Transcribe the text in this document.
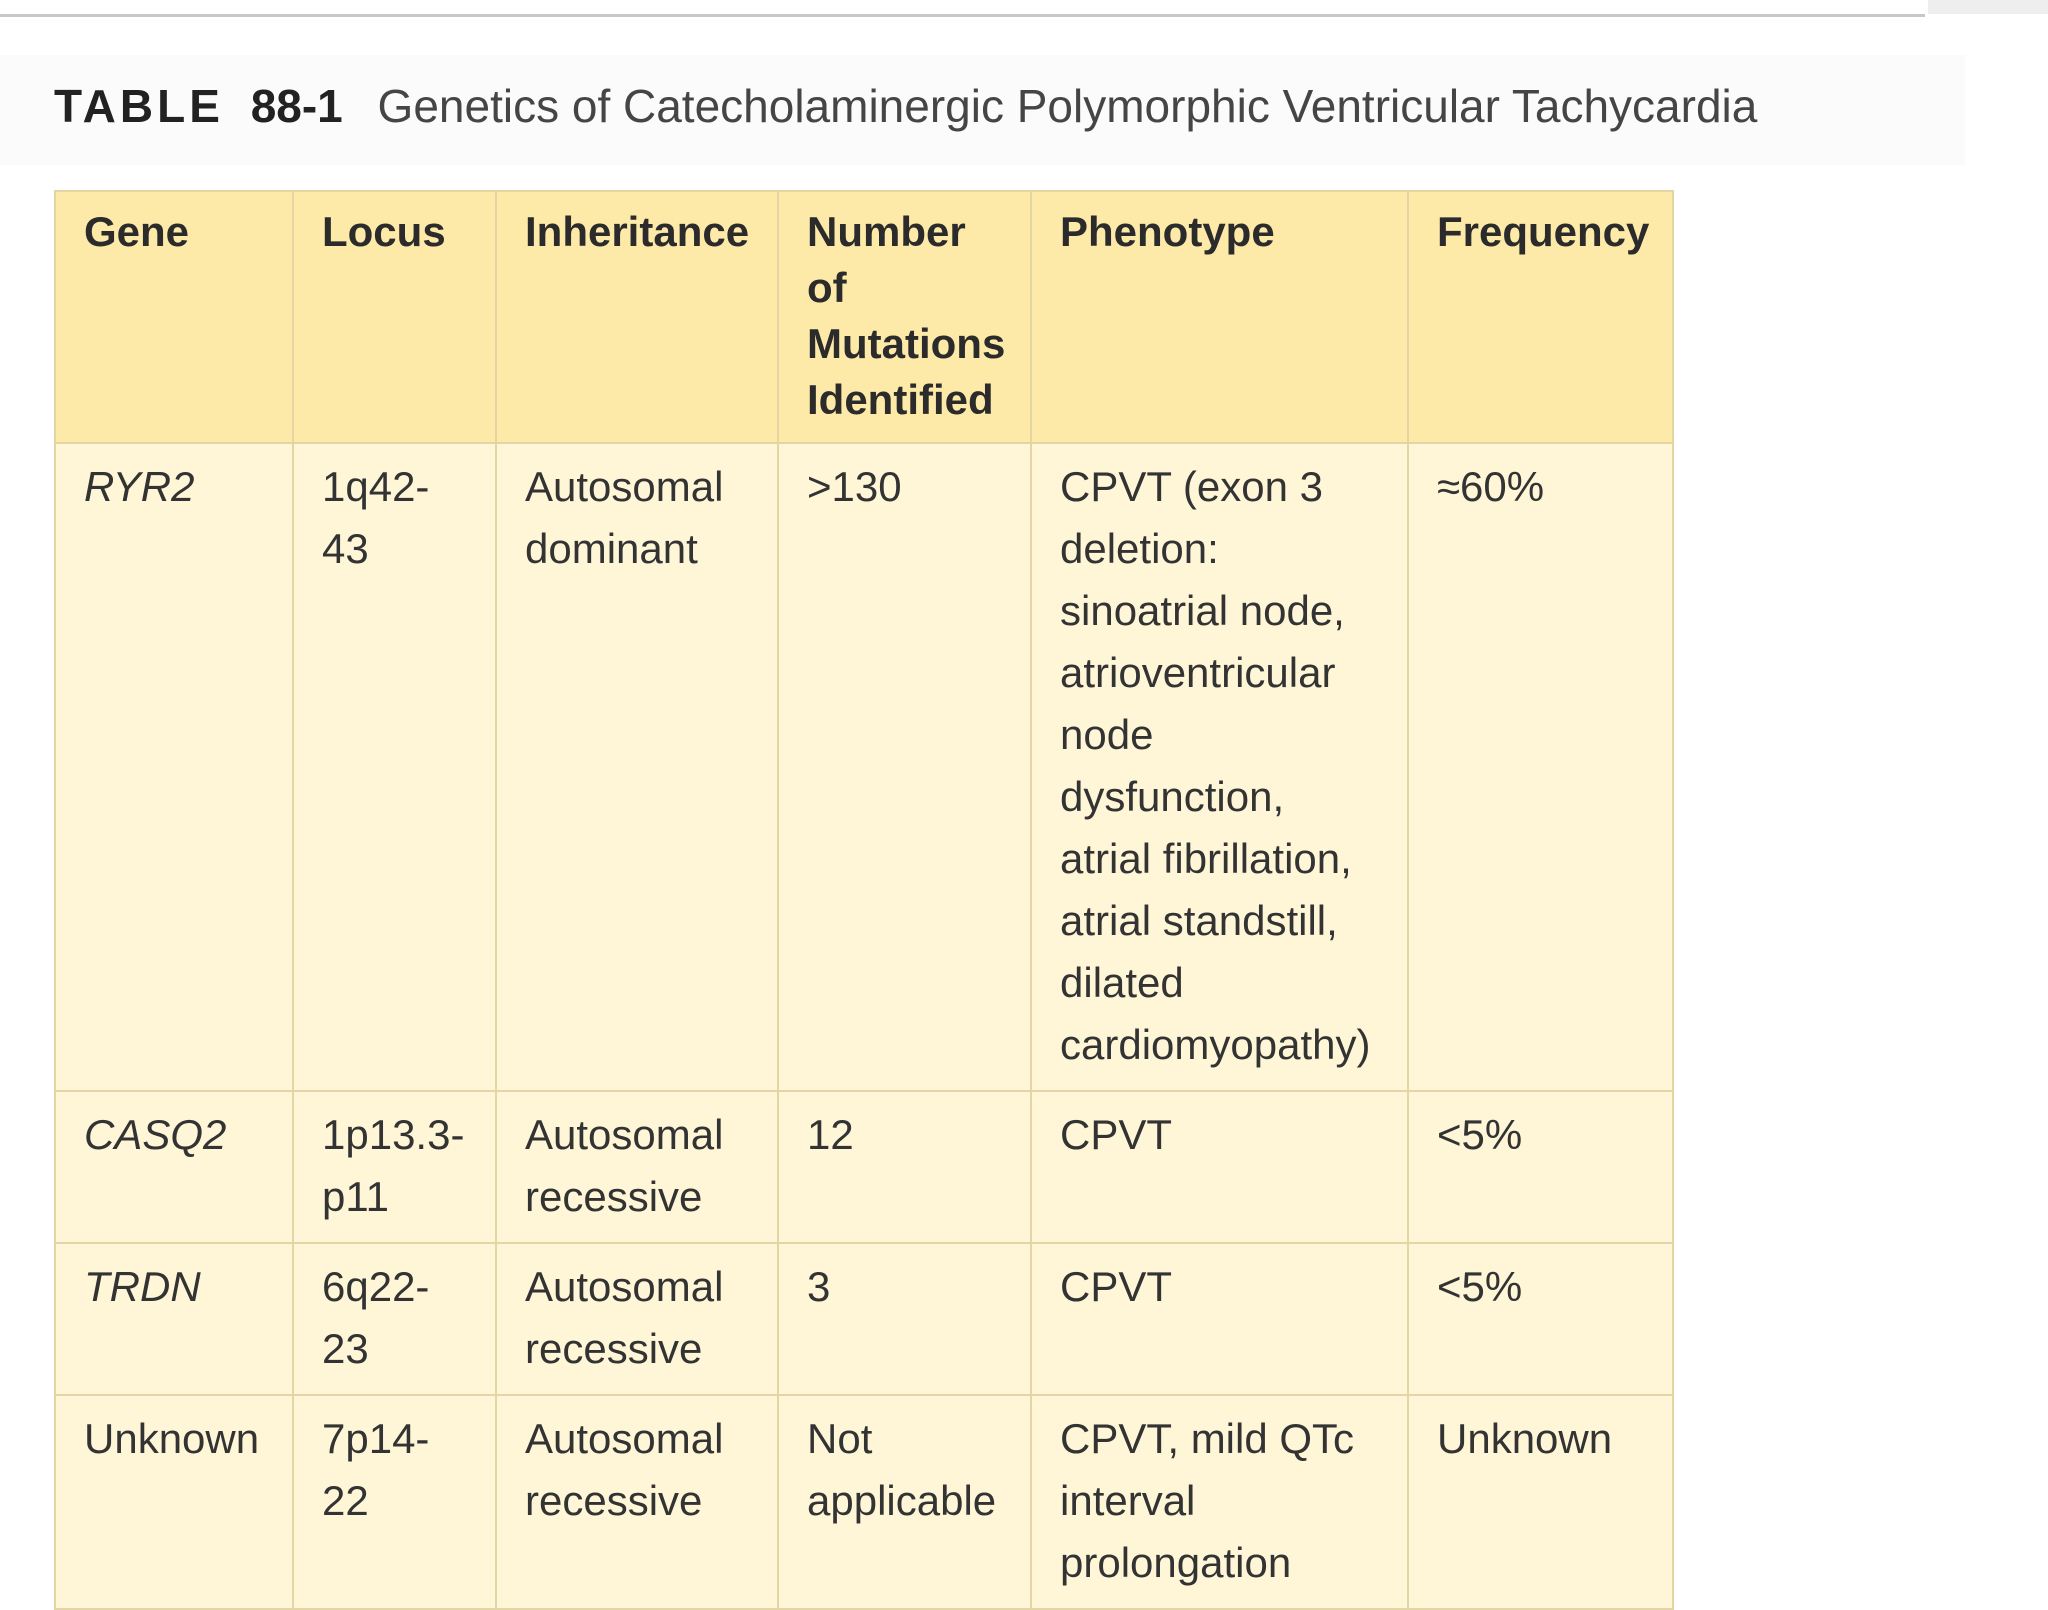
TABLE 88-1 Genetics of Catecholaminergic Polymorphic Ventricular Tachycardia
Gene	Locus	Inheritance	Number of Mutations Identified	Phenotype	Frequency
RYR2	1q42-43	Autosomal dominant	>130	CPVT (exon 3 deletion: sinoatrial node, atrioventricular node dysfunction, atrial fibrillation, atrial standstill, dilated cardiomyopathy)	≈60%
CASQ2	1p13.3-p11	Autosomal recessive	12	CPVT	<5%
TRDN	6q22-23	Autosomal recessive	3	CPVT	<5%
Unknown	7p14-22	Autosomal recessive	Not applicable	CPVT, mild QTc interval prolongation	Unknown
